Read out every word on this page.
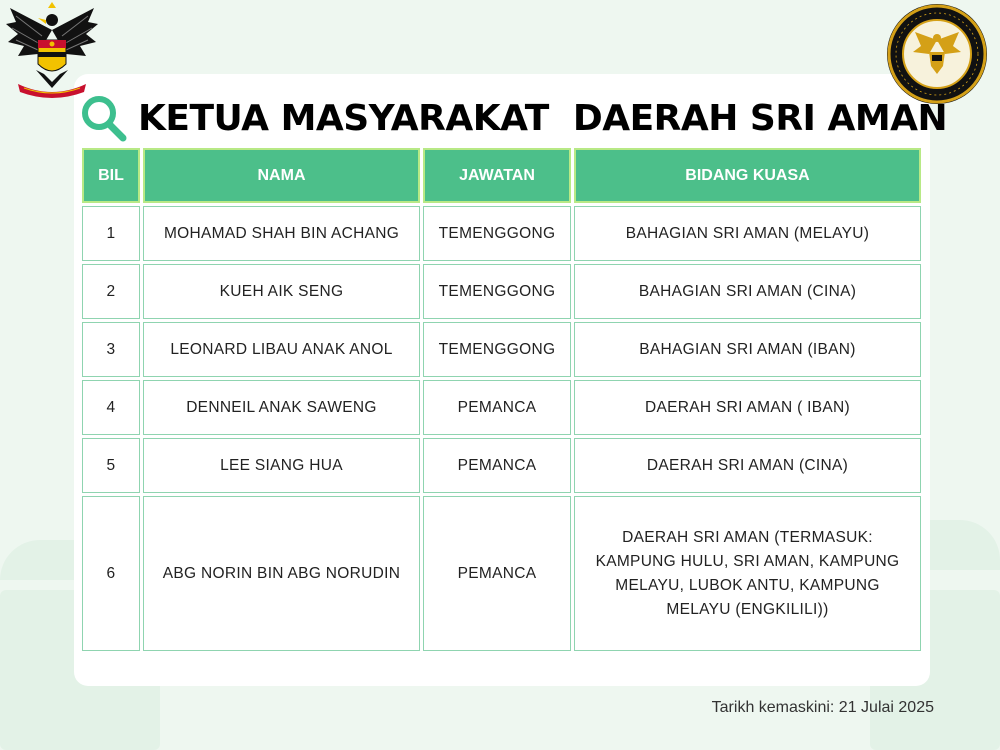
KETUA MASYARAKAT  DAERAH SRI AMAN
BIL	NAMA	JAWATAN	BIDANG KUASA
1	MOHAMAD SHAH BIN ACHANG	TEMENGGONG	BAHAGIAN SRI AMAN (MELAYU)
2	KUEH AIK SENG	TEMENGGONG	BAHAGIAN SRI AMAN (CINA)
3	LEONARD LIBAU ANAK ANOL	TEMENGGONG	BAHAGIAN SRI AMAN (IBAN)
4	DENNEIL ANAK SAWENG	PEMANCA	DAERAH SRI AMAN ( IBAN)
5	LEE SIANG HUA	PEMANCA	DAERAH SRI AMAN (CINA)
6	ABG NORIN BIN ABG NORUDIN	PEMANCA	DAERAH SRI AMAN (TERMASUK: KAMPUNG HULU, SRI AMAN, KAMPUNG MELAYU, LUBOK ANTU, KAMPUNG MELAYU (ENGKILILI))
Tarikh kemaskini: 21 Julai 2025
